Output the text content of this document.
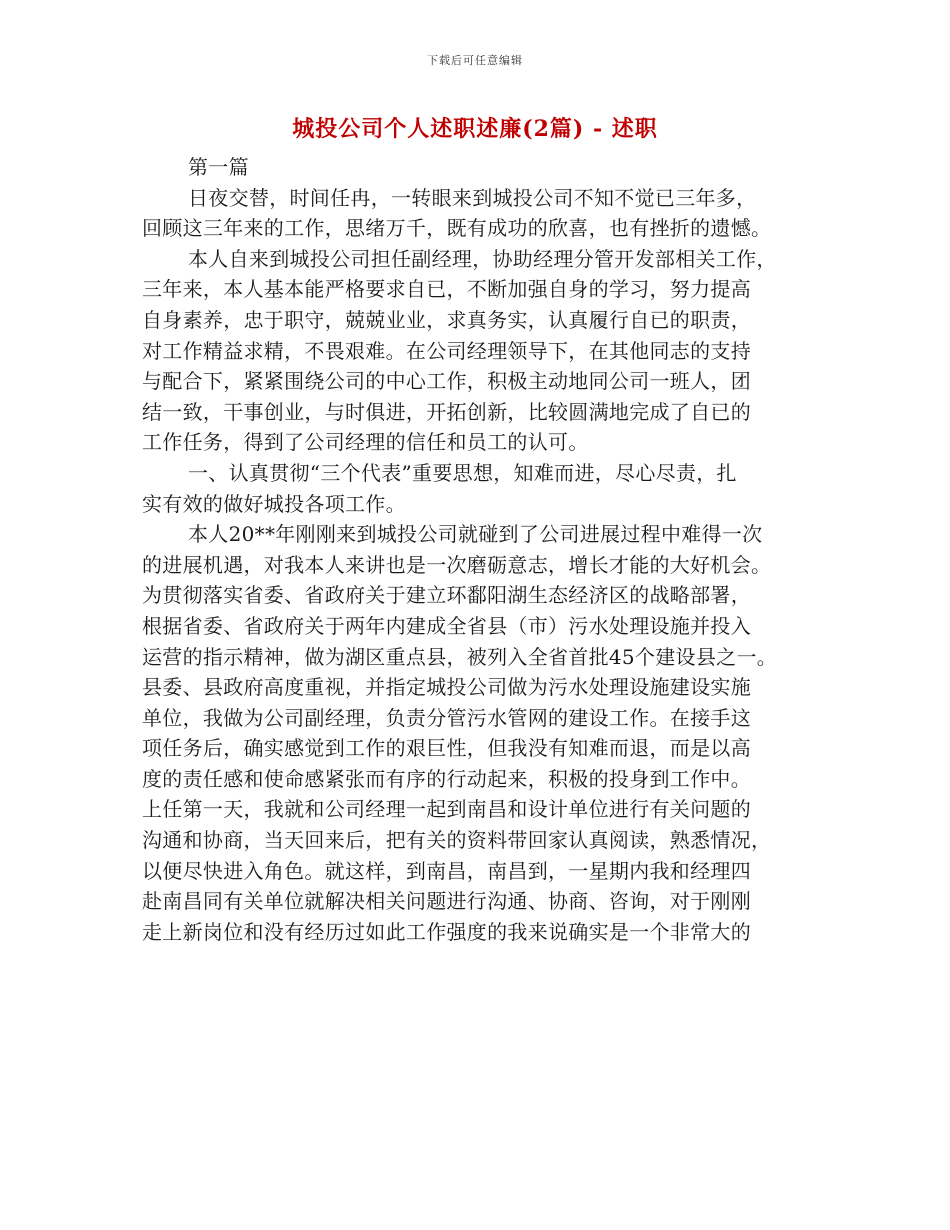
下载后可任意编辑
城投公司个人述职述廉(2篇) - 述职
第一篇
日夜交替，时间任冉，一转眼来到城投公司不知不觉已三年多，
回顾这三年来的工作，思绪万千，既有成功的欣喜，也有挫折的遗憾。
本人自来到城投公司担任副经理，协助经理分管开发部相关工作，
三年来，本人基本能严格要求自已，不断加强自身的学习，努力提高
自身素养，忠于职守，兢兢业业，求真务实，认真履行自已的职责，
对工作精益求精，不畏艰难。在公司经理领导下，在其他同志的支持
与配合下，紧紧围绕公司的中心工作，积极主动地同公司一班人，团
结一致，干事创业，与时俱进，开拓创新，比较圆满地完成了自已的
工作任务，得到了公司经理的信任和员工的认可。
一、认真贯彻“三个代表”重要思想，知难而进，尽心尽责，扎
实有效的做好城投各项工作。
本人20**年刚刚来到城投公司就碰到了公司进展过程中难得一次
的进展机遇，对我本人来讲也是一次磨砺意志，增长才能的大好机会。
为贯彻落实省委、省政府关于建立环鄱阳湖生态经济区的战略部署，
根据省委、省政府关于两年内建成全省县（市）污水处理设施并投入
运营的指示精神，做为湖区重点县，被列入全省首批45个建设县之一。
县委、县政府高度重视，并指定城投公司做为污水处理设施建设实施
单位，我做为公司副经理，负责分管污水管网的建设工作。在接手这
项任务后，确实感觉到工作的艰巨性，但我没有知难而退，而是以高
度的责任感和使命感紧张而有序的行动起来，积极的投身到工作中。
上任第一天，我就和公司经理一起到南昌和设计单位进行有关问题的
沟通和协商，当天回来后，把有关的资料带回家认真阅读，熟悉情况，
以便尽快进入角色。就这样，到南昌，南昌到，一星期内我和经理四
赴南昌同有关单位就解决相关问题进行沟通、协商、咨询，对于刚刚
走上新岗位和没有经历过如此工作强度的我来说确实是一个非常大的
